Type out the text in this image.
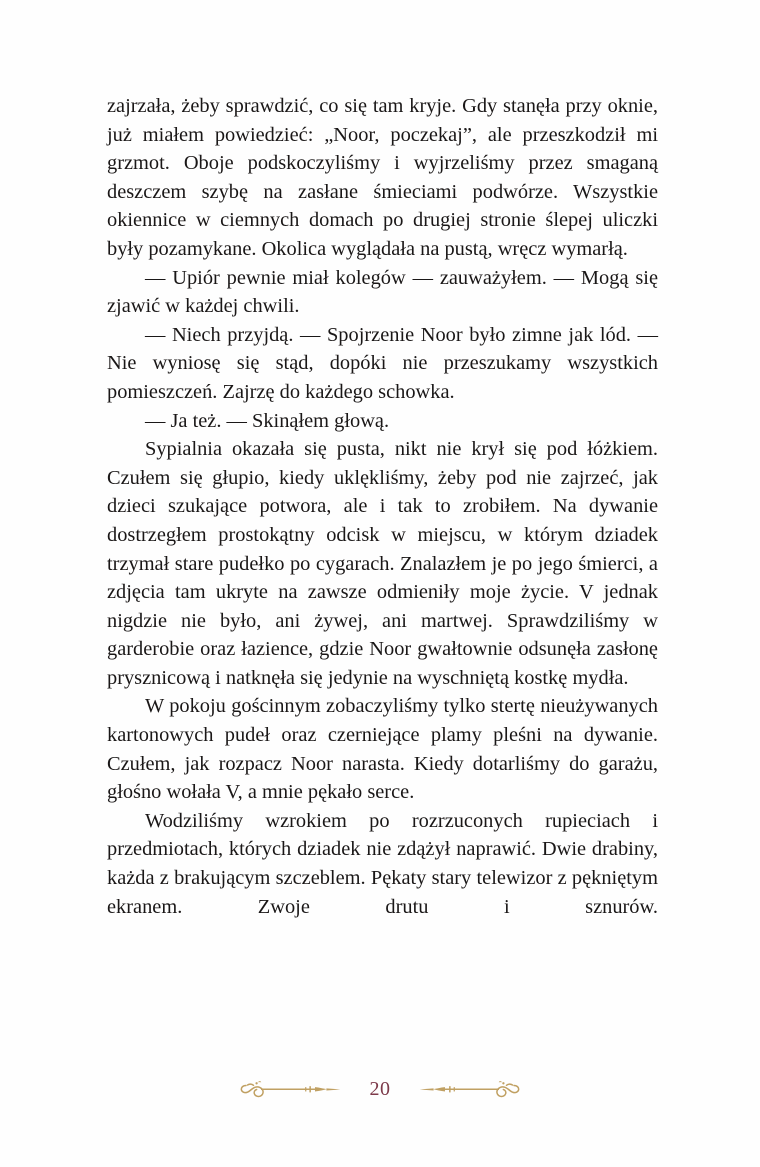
zajrzała, żeby sprawdzić, co się tam kryje. Gdy stanęła przy oknie, już miałem powiedzieć: „Noor, poczekaj”, ale przeszkodził mi grzmot. Oboje podskoczyliśmy i wyjrzeliśmy przez smaganą deszczem szybę na zasłane śmieciami podwórze. Wszystkie okiennice w ciemnych domach po drugiej stronie ślepej uliczki były pozamykane. Okolica wyglądała na pustą, wręcz wymarłą.

— Upiór pewnie miał kolegów — zauważyłem. — Mogą się zjawić w każdej chwili.

— Niech przyjdą. — Spojrzenie Noor było zimne jak lód. — Nie wyniosę się stąd, dopóki nie przeszukamy wszystkich pomieszczeń. Zajrzę do każdego schowka.

— Ja też. — Skinąłem głową.

Sypialnia okazała się pusta, nikt nie krył się pod łóżkiem. Czułem się głupio, kiedy uklękliśmy, żeby pod nie zajrzeć, jak dzieci szukające potwora, ale i tak to zrobiłem. Na dywanie dostrzegłem prostokątny odcisk w miejscu, w którym dziadek trzymał stare pudełko po cygarach. Znalazłem je po jego śmierci, a zdjęcia tam ukryte na zawsze odmieniły moje życie. V jednak nigdzie nie było, ani żywej, ani martwej. Sprawdziliśmy w garderobie oraz łazience, gdzie Noor gwałtownie odsunęła zasłonę prysznicową i natknęła się jedynie na wyschniętą kostkę mydła.

W pokoju gościnnym zobaczyliśmy tylko stertę nieużywanych kartonowych pudeł oraz czerniejące plamy pleśni na dywanie. Czułem, jak rozpacz Noor narasta. Kiedy dotarliśmy do garażu, głośno wołała V, a mnie pękało serce.

Wodziliśmy wzrokiem po rozrzuconych rupieciach i przedmiotach, których dziadek nie zdążył naprawić. Dwie drabiny, każda z brakującym szczeblem. Pękaty stary telewizor z pękniętym ekranem. Zwoje drutu i sznurów.

20
